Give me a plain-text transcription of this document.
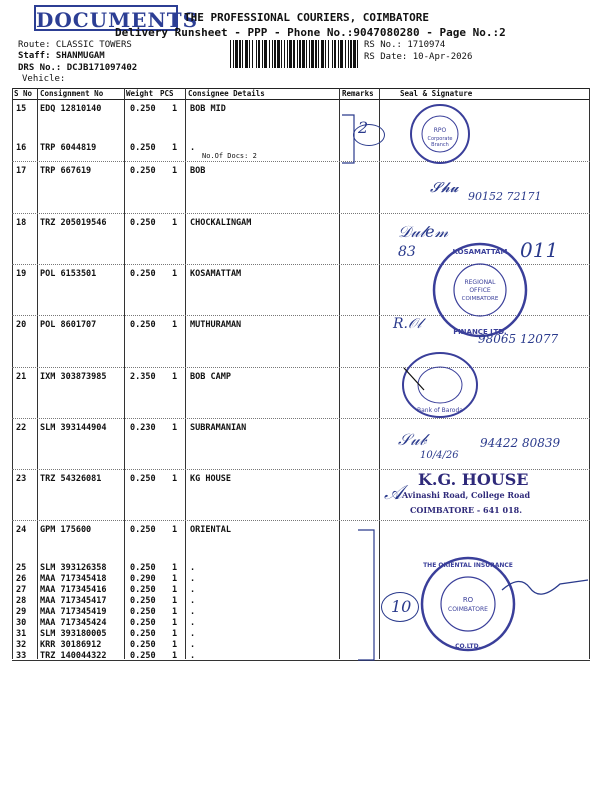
DOCUMENTS
THE PROFESSIONAL COURIERS, COIMBATORE
Delivery Runsheet - PPP - Phone No.:9047080280 - Page No.:2
Route: CLASSIC TOWERS
Staff: SHANMUGAM
DRS No.: DCJB171097402
Vehicle:
RS No.: 1710974
RS Date: 10-Apr-2026
S No Consignment No	Weight PCS Consignee Details	Remarks	Seal & Signature
15 EDQ 12810140	0.250 1 BOB MID
16 TRP 6044819	0.250 1 .
No.Of Docs: 2
17 TRP 667619	0.250 1 BOB
18 TRZ 205019546	0.250 1 CHOCKALINGAM
19 POL 6153501	0.250 1 KOSAMATTAM
20 POL 8601707	0.250 1 MUTHURAMAN
21 IXM 303873985	2.350 1 BOB CAMP
22 SLM 393144904	0.230 1 SUBRAMANIAN
23 TRZ 54326081	0.250 1 KG HOUSE
24 GPM 175600	0.250 1 ORIENTAL
25 SLM 393126358	0.250 1 .
26 MAA 717345418	0.290 1 .
27 MAA 717345416	0.250 1 .
28 MAA 717345417	0.250 1 .
29 MAA 717345419	0.250 1 .
30 MAA 717345424	0.250 1 .
31 SLM 393180005	0.250 1 .
32 KRR 30186912	0.250 1 .
33 TRZ 140044322	0.250 1 .
2
10
RPO
Corporate
Branch
𝓢𝓱𝓾
90152 72171
𝒟𝓊𝓁𝑒𝓂
83	011
REGIONAL
OFFICE
COIMBATORE
KOSAMATTAM
FINANCE LTD.
𝑅.𝒪𝓁
98065 12077
Bank of Baroda
𝒮𝓊𝒷
10/4/26
94422 80839
K.G. HOUSE
Avinashi Road, College Road
COIMBATORE - 641 018.
𝒜
RO
COIMBATORE
THE ORIENTAL INSURANCE
CO.LTD.
